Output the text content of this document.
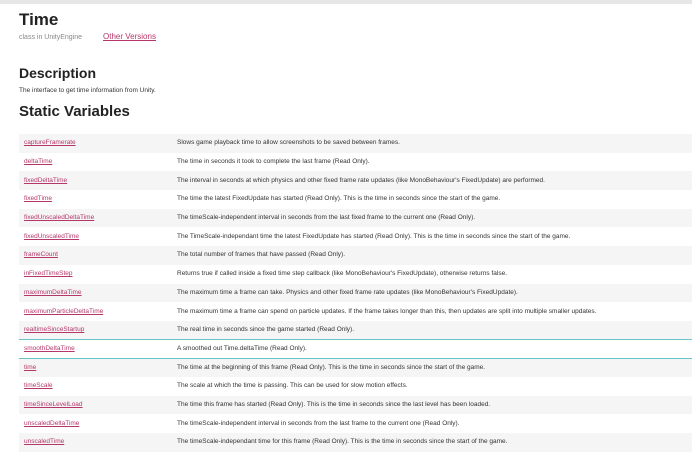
Time
class in UnityEngine	Other Versions
Description
The interface to get time information from Unity.
Static Variables
captureFramerate	Slows game playback time to allow screenshots to be saved between frames.
deltaTime	The time in seconds it took to complete the last frame (Read Only).
fixedDeltaTime	The interval in seconds at which physics and other fixed frame rate updates (like MonoBehaviour's FixedUpdate) are performed.
fixedTime	The time the latest FixedUpdate has started (Read Only). This is the time in seconds since the start of the game.
fixedUnscaledDeltaTime	The timeScale-independent interval in seconds from the last fixed frame to the current one (Read Only).
fixedUnscaledTime	The TimeScale-independant time the latest FixedUpdate has started (Read Only). This is the time in seconds since the start of the game.
frameCount	The total number of frames that have passed (Read Only).
inFixedTimeStep	Returns true if called inside a fixed time step callback (like MonoBehaviour's FixedUpdate), otherwise returns false.
maximumDeltaTime	The maximum time a frame can take. Physics and other fixed frame rate updates (like MonoBehaviour's FixedUpdate).
maximumParticleDeltaTime	The maximum time a frame can spend on particle updates. If the frame takes longer than this, then updates are split into multiple smaller updates.
realtimeSinceStartup	The real time in seconds since the game started (Read Only).
smoothDeltaTime	A smoothed out Time.deltaTime (Read Only).
time	The time at the beginning of this frame (Read Only). This is the time in seconds since the start of the game.
timeScale	The scale at which the time is passing. This can be used for slow motion effects.
timeSinceLevelLoad	The time this frame has started (Read Only). This is the time in seconds since the last level has been loaded.
unscaledDeltaTime	The timeScale-independent interval in seconds from the last frame to the current one (Read Only).
unscaledTime	The timeScale-independant time for this frame (Read Only). This is the time in seconds since the start of the game.
